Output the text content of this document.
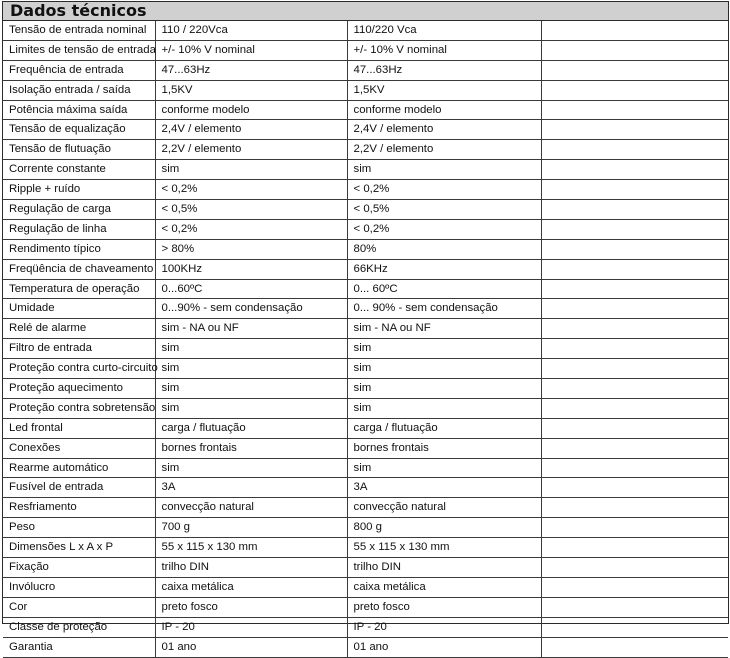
Dados técnicos
Tensão de entrada nominal	110 / 220Vca	110/220 Vca	
Limites de tensão de entrada	+/- 10% V nominal	+/- 10% V nominal	
Frequência de entrada	47...63Hz	47...63Hz	
Isolação entrada / saída	1,5KV	1,5KV	
Potência máxima saída	conforme modelo	conforme modelo	
Tensão de equalização	2,4V / elemento	2,4V / elemento	
Tensão de flutuação	2,2V / elemento	2,2V / elemento	
Corrente constante	sim	sim	
Ripple + ruído	< 0,2%	< 0,2%	
Regulação de carga	< 0,5%	< 0,5%	
Regulação de linha	< 0,2%	< 0,2%	
Rendimento típico	> 80%	80%	
Freqüência de chaveamento	100KHz	66KHz	
Temperatura de operação	0...60ºC	0... 60ºC	
Umidade	0...90% - sem condensação	0... 90% - sem condensação	
Relé de alarme	sim - NA ou NF	sim - NA ou NF	
Filtro de entrada	sim	sim	
Proteção contra curto-circuito	sim	sim	
Proteção aquecimento	sim	sim	
Proteção contra sobretensão	sim	sim	
Led frontal	carga / flutuação	carga / flutuação	
Conexões	bornes frontais	bornes frontais	
Rearme automático	sim	sim	
Fusível de entrada	3A	3A	
Resfriamento	convecção natural	convecção natural	
Peso	700 g	800 g	
Dimensões L x A x P	55 x 115 x 130 mm	55 x 115 x 130 mm	
Fixação	trilho DIN	trilho DIN	
Invólucro	caixa metálica	caixa metálica	
Cor	preto fosco	preto fosco	
Classe de proteção	IP - 20	IP - 20	
Garantia	01 ano	01 ano	
